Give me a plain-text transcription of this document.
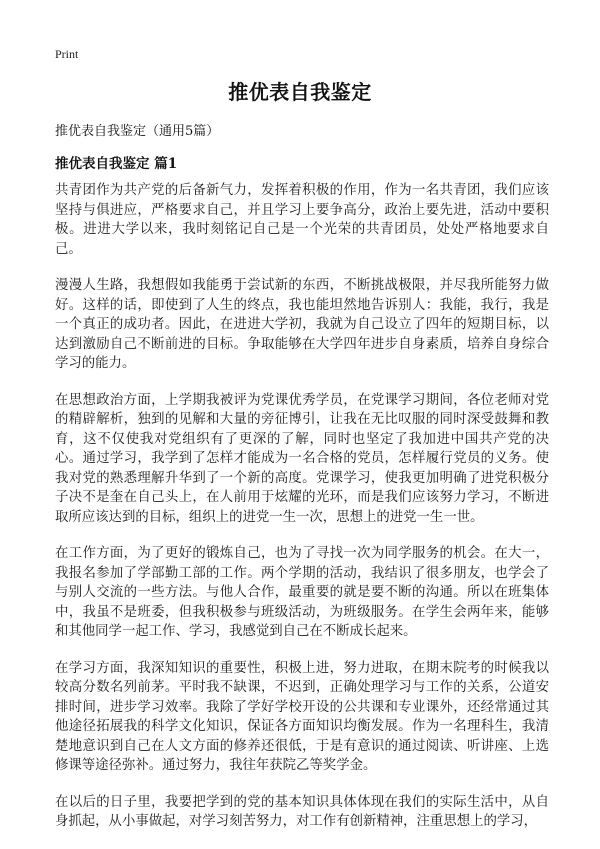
Print
推优表自我鉴定

推优表自我鉴定（通用5篇）

推优表自我鉴定 篇1

共青团作为共产党的后备新气力，发挥着积极的作用，作为一名共青团，我们应该坚持与俱进应，严格要求自己，并且学习上要争高分，政治上要先进，活动中要积极。进进大学以来，我时刻铭记自己是一个光荣的共青团员，处处严格地要求自己。

漫漫人生路，我想假如我能勇于尝试新的东西，不断挑战极限，并尽我所能努力做好。这样的话，即使到了人生的终点，我也能坦然地告诉别人：我能，我行，我是一个真正的成功者。因此，在进进大学初，我就为自己设立了四年的短期目标，以达到激励自己不断前进的目标。争取能够在大学四年进步自身素质，培养自身综合学习的能力。

在思想政治方面，上学期我被评为党课优秀学员，在党课学习期间，各位老师对党的精辟解析，独到的见解和大量的旁征博引，让我在无比叹服的同时深受鼓舞和教育，这不仅使我对党组织有了更深的了解，同时也坚定了我加进中国共产党的决心。通过学习，我学到了怎样才能成为一名合格的党员，怎样履行党员的义务。使我对党的熟悉理解升华到了一个新的高度。党课学习，使我更加明确了进党积极分子决不是奎在自己头上，在人前用于炫耀的光环，而是我们应该努力学习，不断进取所应该达到的目标，组织上的进党一生一次，思想上的进党一生一世。

在工作方面，为了更好的锻炼自己，也为了寻找一次为同学服务的机会。在大一，我报名参加了学部勤工部的工作。两个学期的活动，我结识了很多朋友，也学会了与别人交流的一些方法。与他人合作，最重要的就是要不断的沟通。所以在班集体中，我虽不是班委，但我积极参与班级活动，为班级服务。在学生会两年来，能够和其他同学一起工作、学习，我感觉到自己在不断成长起来。

在学习方面，我深知知识的重要性，积极上进，努力进取，在期末院考的时候我以较高分数名列前茅。平时我不缺课，不迟到，正确处理学习与工作的关系，公道安排时间，进步学习效率。我除了学好学校开设的公共课和专业课外，还经常通过其他途径拓展我的科学文化知识，保证各方面知识均衡发展。作为一名理科生，我清楚地意识到自己在人文方面的修养还很低，于是有意识的通过阅读、听讲座、上选修课等途径弥补。通过努力，我往年获院乙等奖学金。

在以后的日子里，我要把学到的党的基本知识具体体现在我们的实际生活中，从自身抓起，从小事做起，对学习刻苦努力，对工作有创新精神，注重思想上的学习，
